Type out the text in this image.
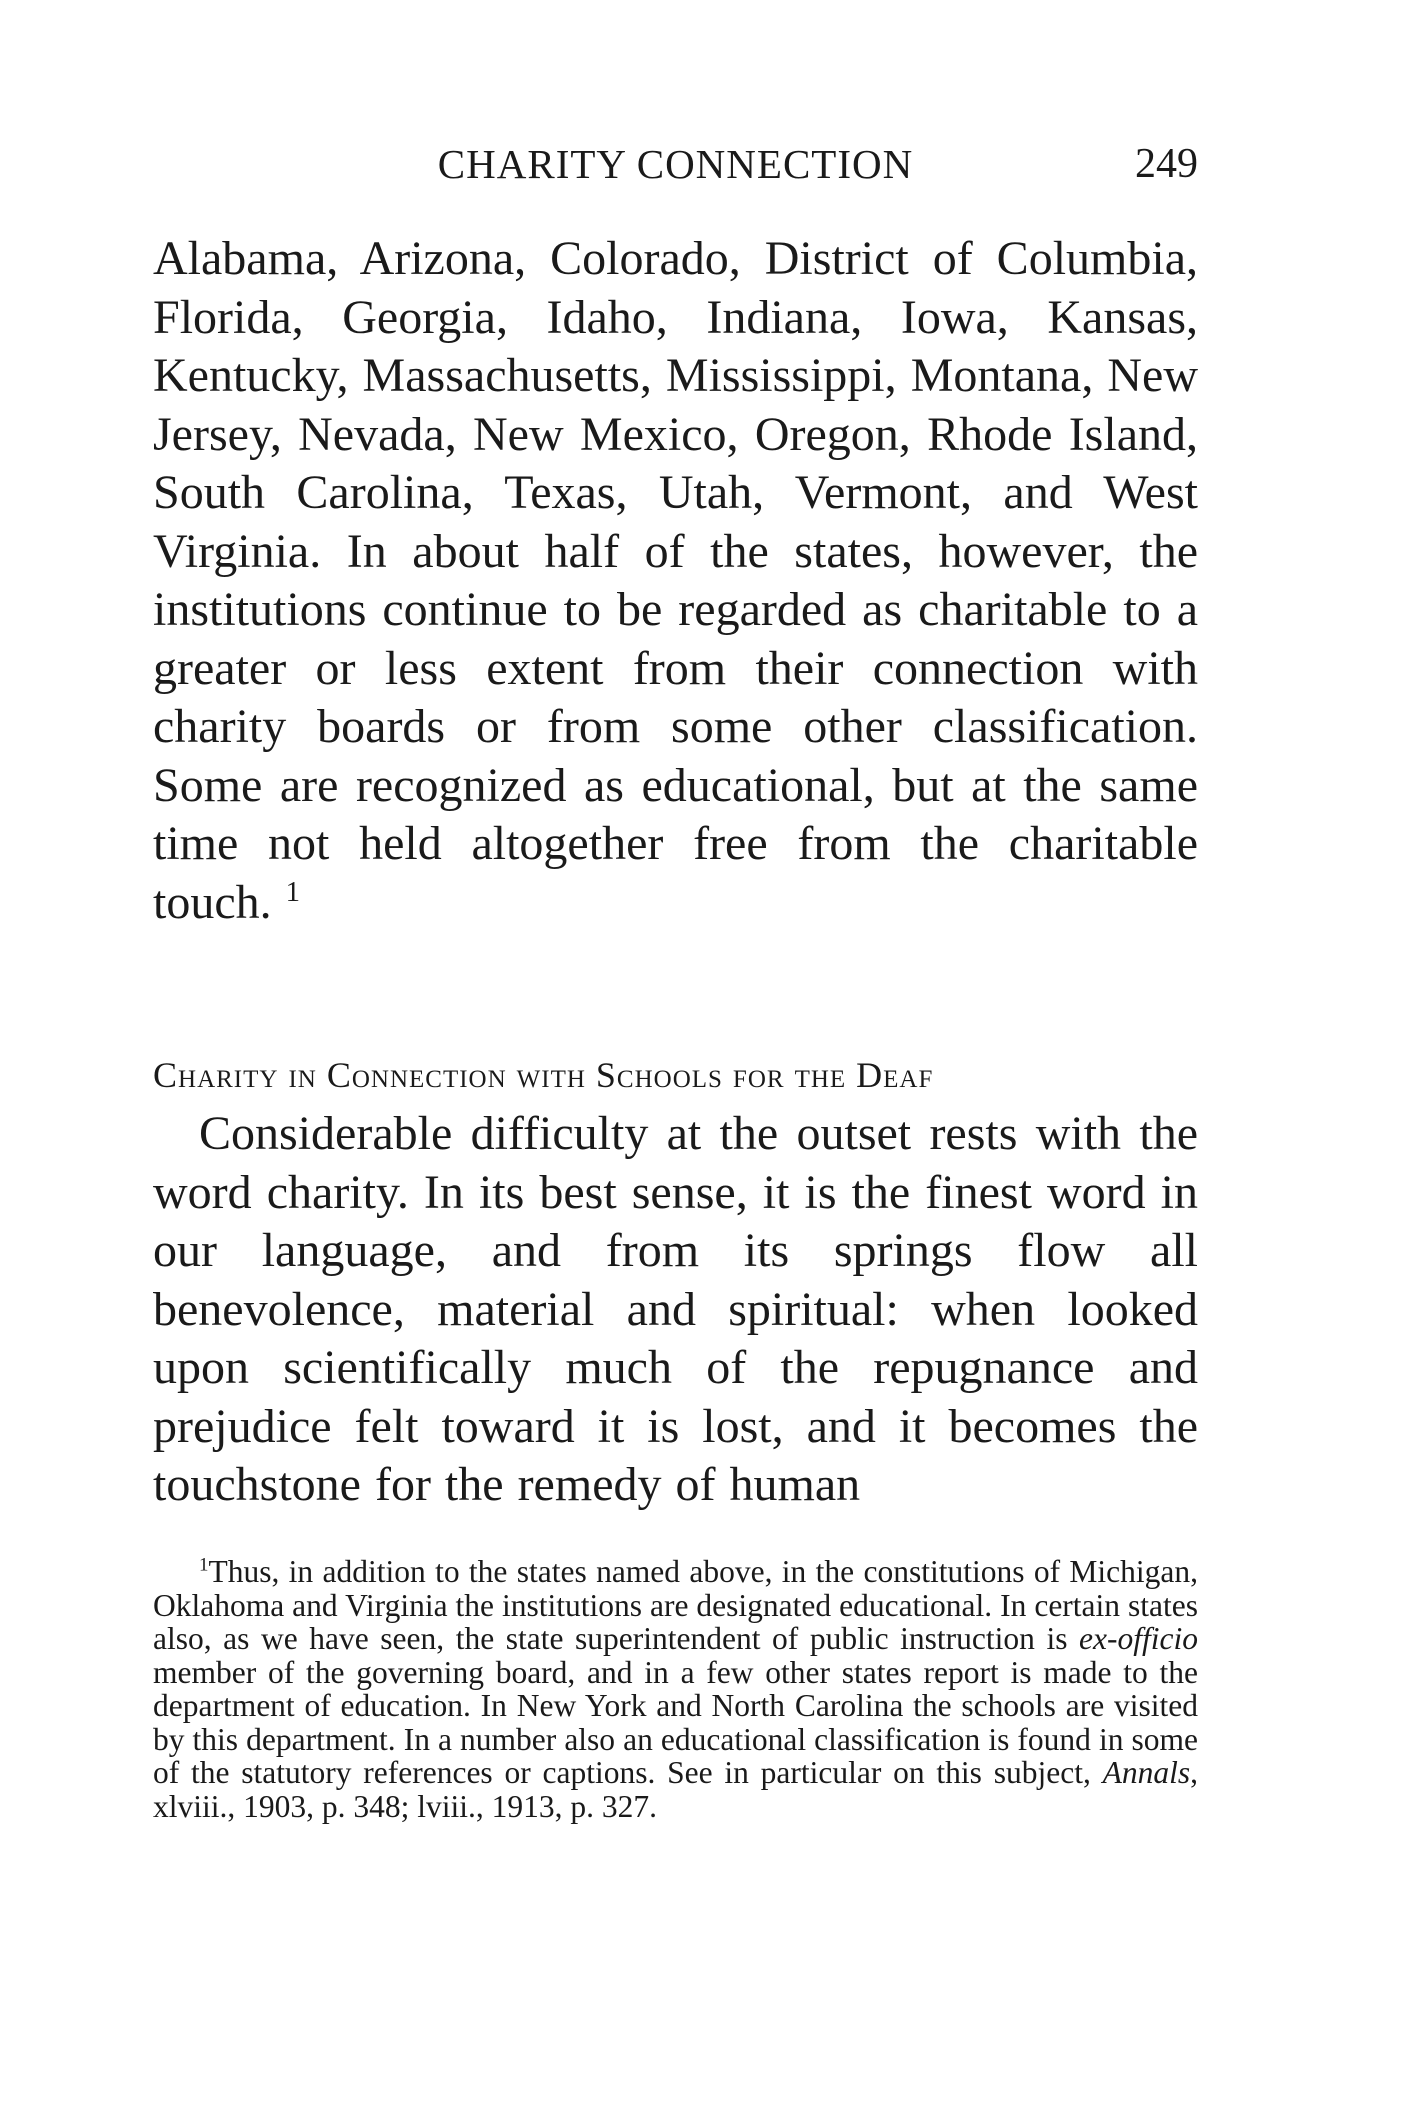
CHARITY CONNECTION	249

Alabama, Arizona, Colorado, District of Columbia, Florida, Georgia, Idaho, Indiana, Iowa, Kansas, Kentucky, Massachusetts, Mississippi, Montana, New Jersey, Nevada, New Mexico, Oregon, Rhode Island, South Carolina, Texas, Utah, Vermont, and West Virginia. In about half of the states, however, the institutions continue to be regarded as charitable to a greater or less extent from their connection with charity boards or from some other classification. Some are recognized as educational, but at the same time not held altogether free from the charitable touch. $^1$

Charity in Connection with Schools for the Deaf

Considerable difficulty at the outset rests with the word charity. In its best sense, it is the finest word in our language, and from its springs flow all benevolence, material and spiritual: when looked upon scientifically much of the repugnance and prejudice felt toward it is lost, and it becomes the touchstone for the remedy of human

$^1$Thus, in addition to the states named above, in the constitutions of Michigan, Oklahoma and Virginia the institutions are designated educational. In certain states also, as we have seen, the state superintendent of public instruction is ex-officio member of the governing board, and in a few other states report is made to the department of education. In New York and North Carolina the schools are visited by this department. In a number also an educational classification is found in some of the statutory references or captions. See in particular on this subject, Annals, xlviii., 1903, p. 348; lviii., 1913, p. 327.
